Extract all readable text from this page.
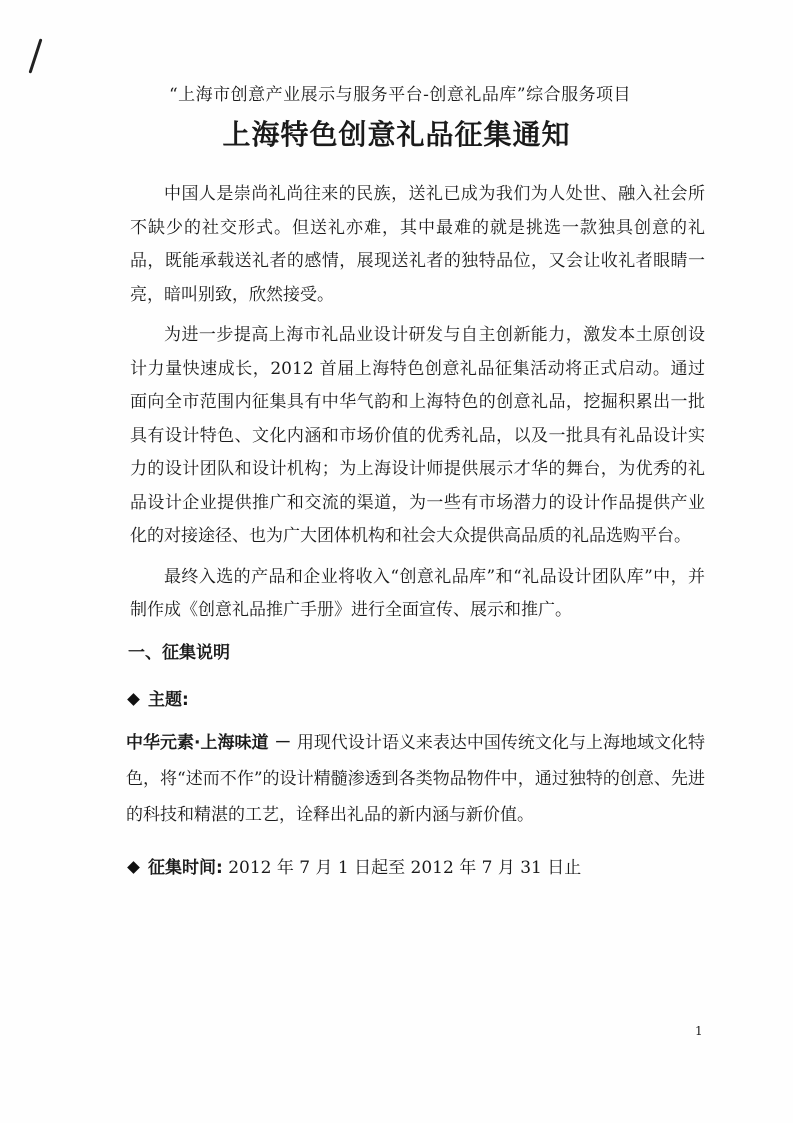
“上海市创意产业展示与服务平台-创意礼品库”综合服务项目
上海特色创意礼品征集通知

中国人是崇尚礼尚往来的民族，送礼已成为我们为人处世、融入社会所不缺少的社交形式。但送礼亦难，其中最难的就是挑选一款独具创意的礼品，既能承载送礼者的感情，展现送礼者的独特品位，又会让收礼者眼睛一亮，暗叫别致，欣然接受。

为进一步提高上海市礼品业设计研发与自主创新能力，激发本土原创设计力量快速成长，2012 首届上海特色创意礼品征集活动将正式启动。通过面向全市范围内征集具有中华气韵和上海特色的创意礼品，挖掘积累出一批具有设计特色、文化内涵和市场价值的优秀礼品，以及一批具有礼品设计实力的设计团队和设计机构；为上海设计师提供展示才华的舞台，为优秀的礼品设计企业提供推广和交流的渠道，为一些有市场潜力的设计作品提供产业化的对接途径、也为广大团体机构和社会大众提供高品质的礼品选购平台。

最终入选的产品和企业将收入“创意礼品库”和“礼品设计团队库”中，并制作成《创意礼品推广手册》进行全面宣传、展示和推广。

一、征集说明
主题:

中华元素·上海味道 － 用现代设计语义来表达中国传统文化与上海地域文化特色，将“述而不作”的设计精髓渗透到各类物品物件中，通过独特的创意、先进的科技和精湛的工艺，诠释出礼品的新内涵与新价值。

征集时间: 2012 年 7 月 1 日起至 2012 年 7 月 31 日止
1
